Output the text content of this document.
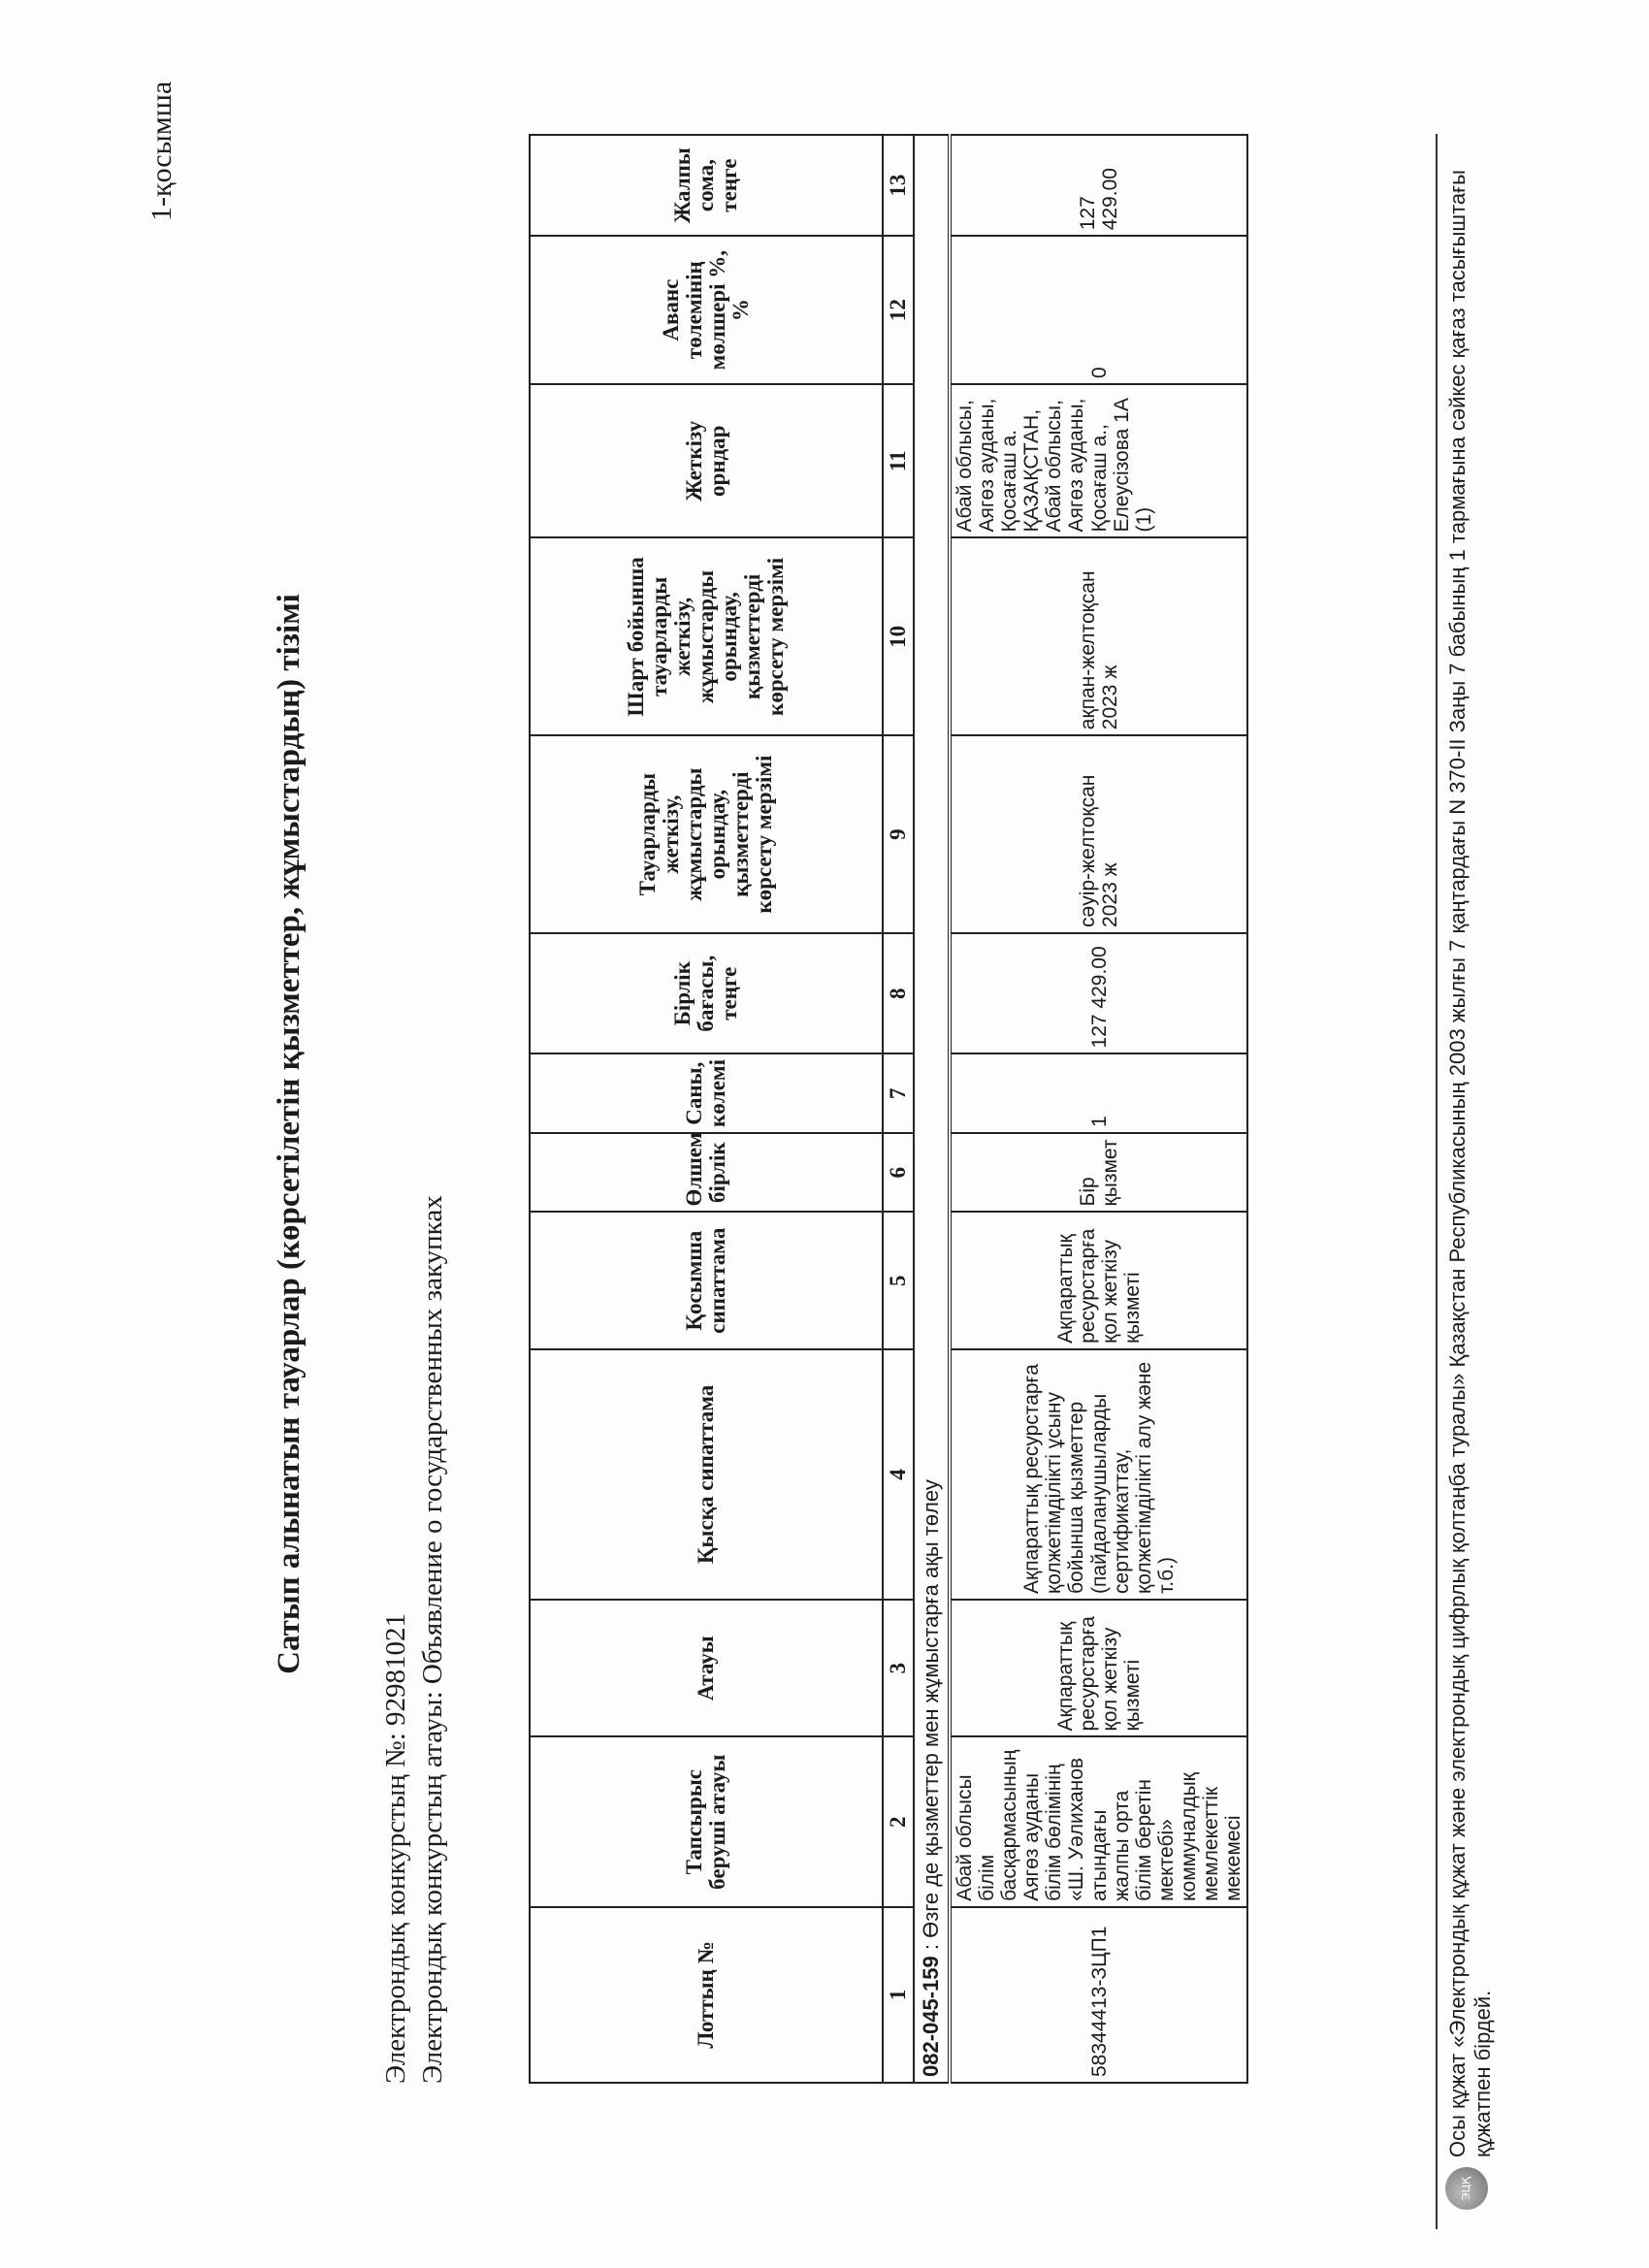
1-қосымша
Сатып алынатын тауарлар (көрсетілетін қызметтер, жұмыстардың) тізімі
Электрондық конкурстың №: 92981021 Электрондық конкурстың атауы: Объявление о государственных закупках	Лоттың №	Тапсырыс берушi атауы	Атауы	Қысқа сипаттама	Қосымша сипаттама	Өлшем бірлік	Саны, көлемі	Бірлік бағасы, теңге	Тауарларды жеткізу, жұмыстарды орындау, қызметтерді көрсету мерзімі	Шарт бойынша тауарларды жеткізу, жұмыстарды орындау, қызметтерді көрсету мерзімі	Жеткізу орндар	Аванс төлемінің мөлшері %, %	Жалпы сома, теңге
1	2	3	4	5	6	7	8	9	10	11	12	13
082-045-159 : Өзге де қызметтер мен жұмыстарға ақы төлеу												
58344413-ЗЦП1	Абай облысы білім басқармасының Аягөз ауданы білім бөлімінің «Ш. Уәлиханов атындағы жалпы орта білім беретін мектебі» коммуналдық мемлекеттік мекемесі	Ақпараттық ресурстарға қол жеткізу қызметі	Ақпараттық ресурстарға қолжетімділікті ұсыну бойынша қызметтер (пайдаланушыларды сертификаттау, қолжетімділікті алу және т.б.)	Ақпараттық ресурстарға қол жеткізу қызметі	Бір қызмет	1	127 429.00	сәуір-желтоқсан 2023 ж	ақпан-желтоқсан 2023 ж	Абай облысы, Аягөз ауданы, Қосағаш а. ҚАЗАҚСТАН, Абай облысы, Аягөз ауданы, Қосағаш а., Елеусізова 1А (1)	0	127 429.00
ЭЦҚ
Осы құжат «Электрондық құжат және электрондық цифрлық қолтаңба туралы» Қазақстан Республикасының 2003 жылғы 7 қаңтардағы N 370-II Заңы 7 бабының 1 тармағына сәйкес қағаз тасығыштағы құжатпен бірдей.
